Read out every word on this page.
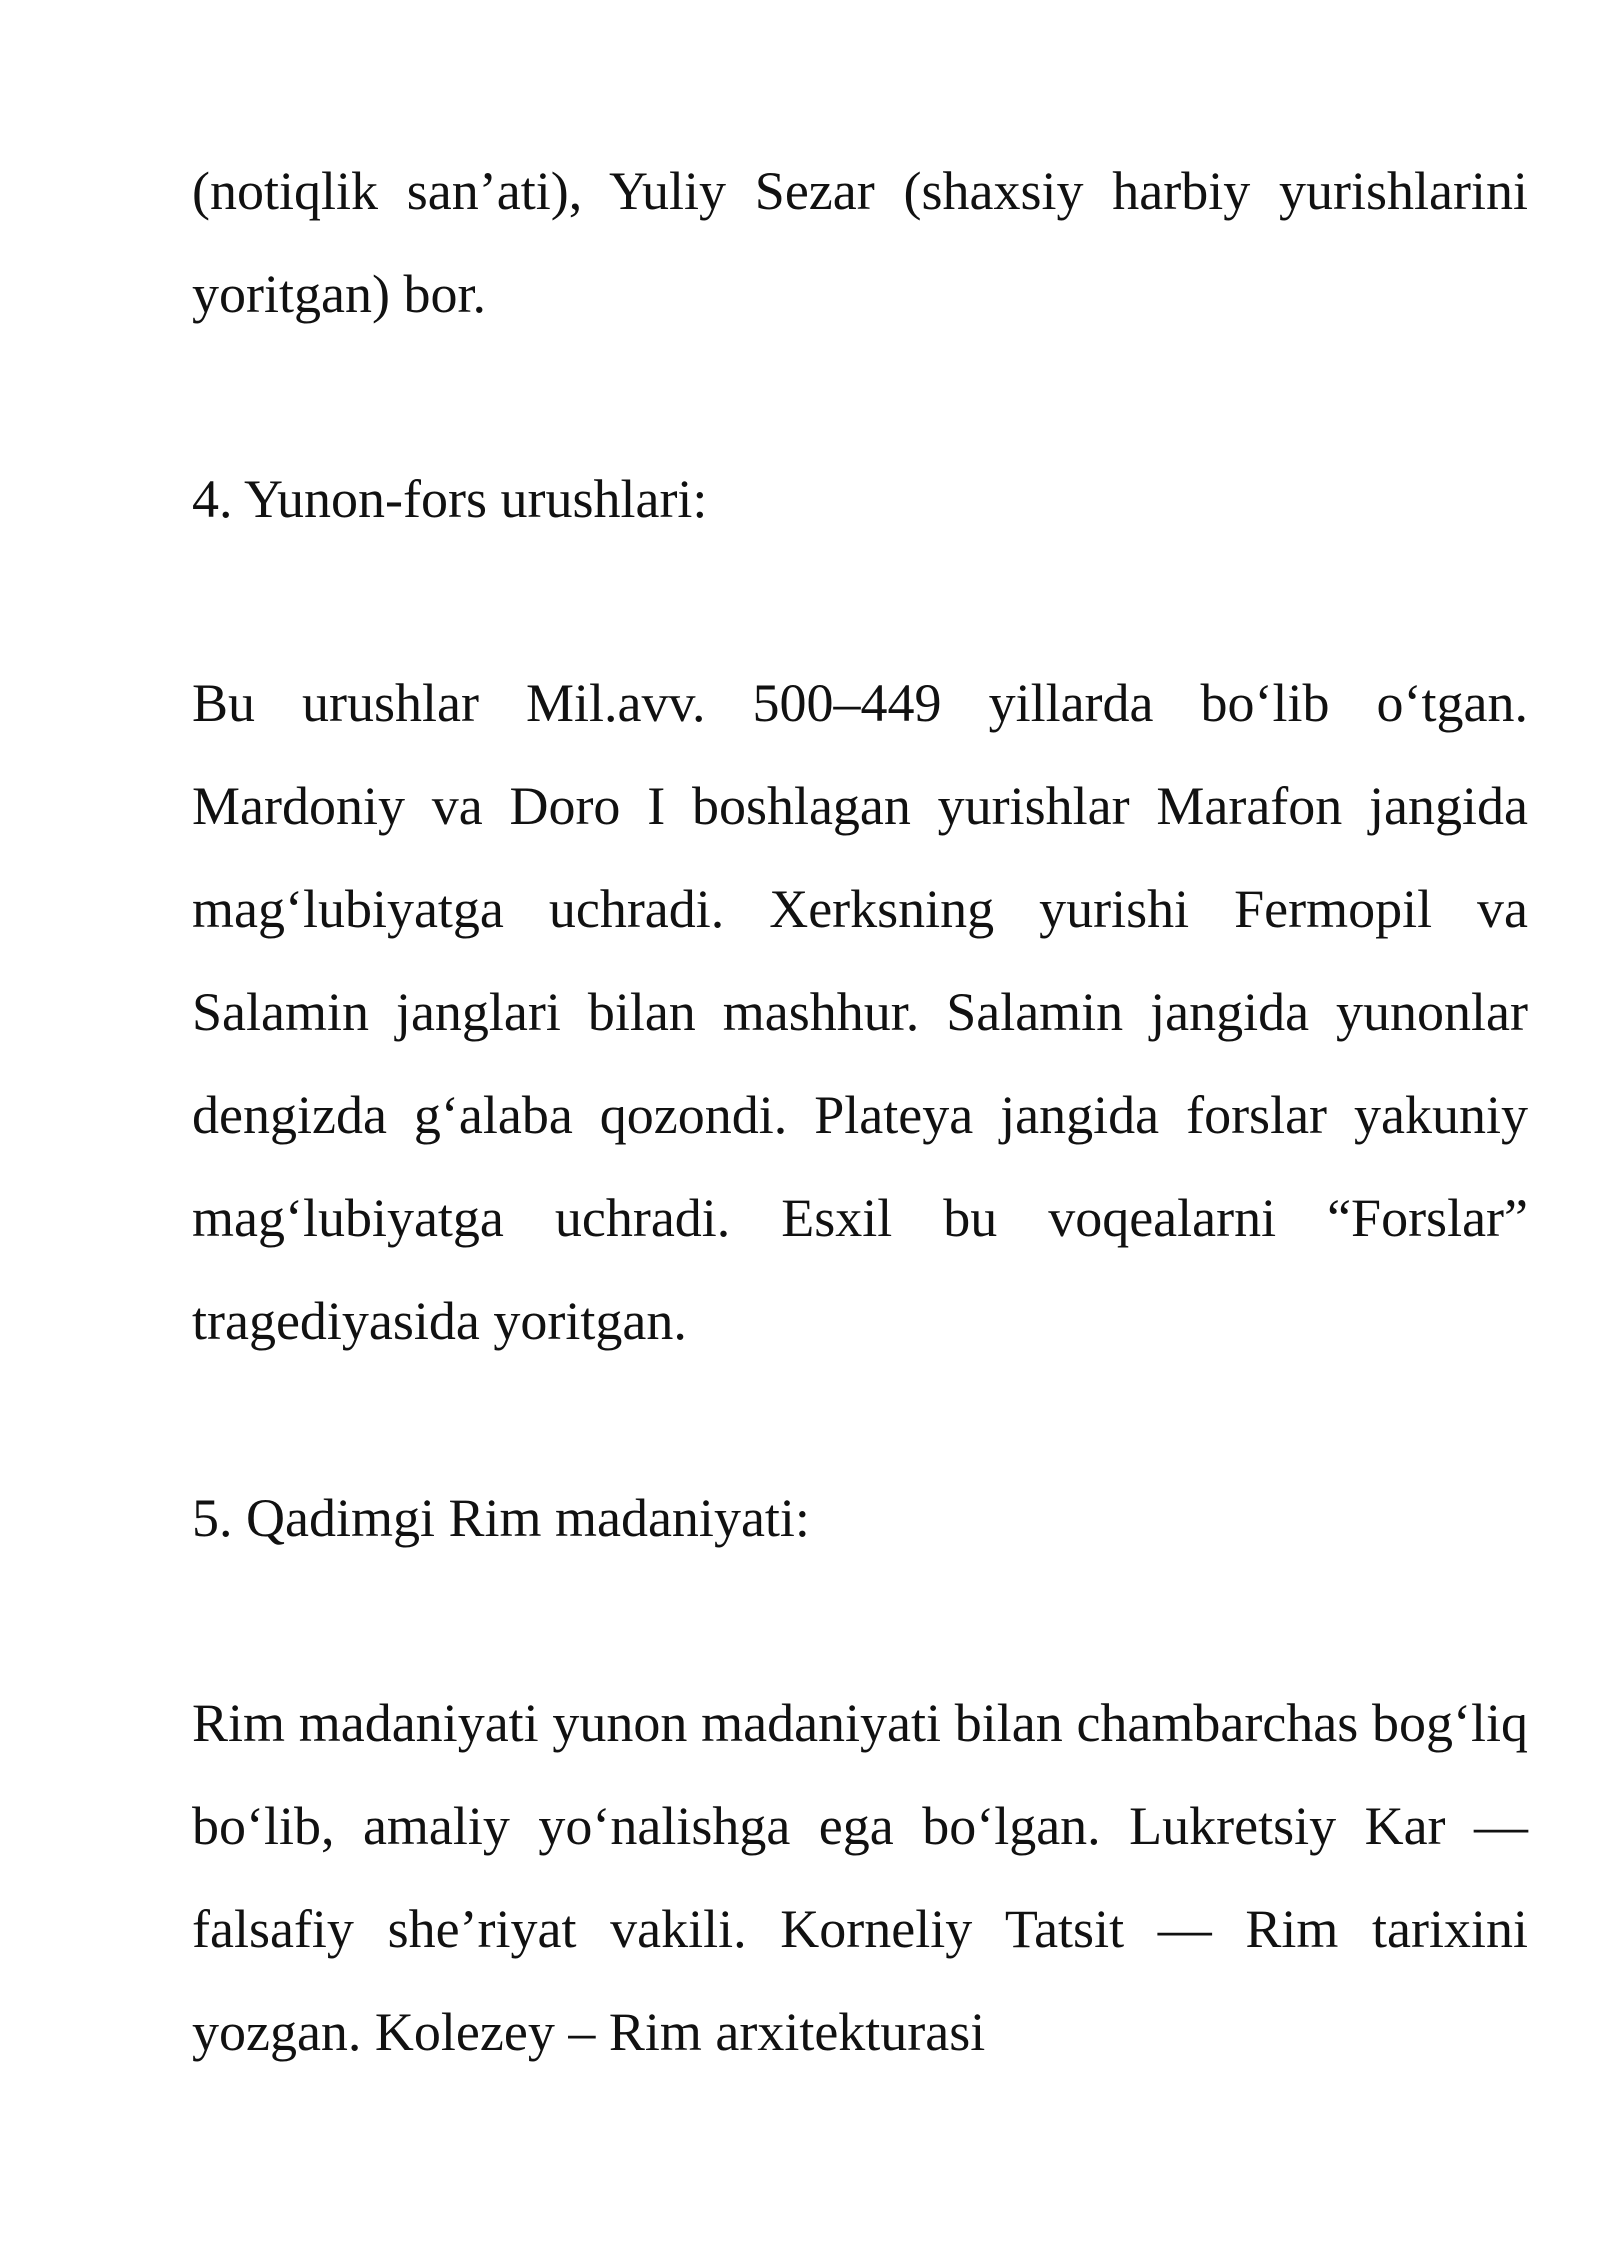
(notiqlik san’ati), Yuliy Sezar (shaxsiy harbiy yurishlarini yoritgan) bor.

4. Yunon-fors urushlari:

Bu urushlar Mil.avv. 500–449 yillarda bo‘lib o‘tgan. Mardoniy va Doro I boshlagan yurishlar Marafon jangida mag‘lubiyatga uchradi. Xerksning yurishi Fermopil va Salamin janglari bilan mashhur. Salamin jangida yunonlar dengizda g‘alaba qozondi. Plateya jangida forslar yakuniy mag‘lubiyatga uchradi. Esxil bu voqealarni “Forslar” tragediyasida yoritgan.

5. Qadimgi Rim madaniyati:

Rim madaniyati yunon madaniyati bilan chambarchas bog‘liq bo‘lib, amaliy yo‘nalishga ega bo‘lgan. Lukretsiy Kar — falsafiy she’riyat vakili. Korneliy Tatsit — Rim tarixini yozgan. Kolezey – Rim arxitekturasi
